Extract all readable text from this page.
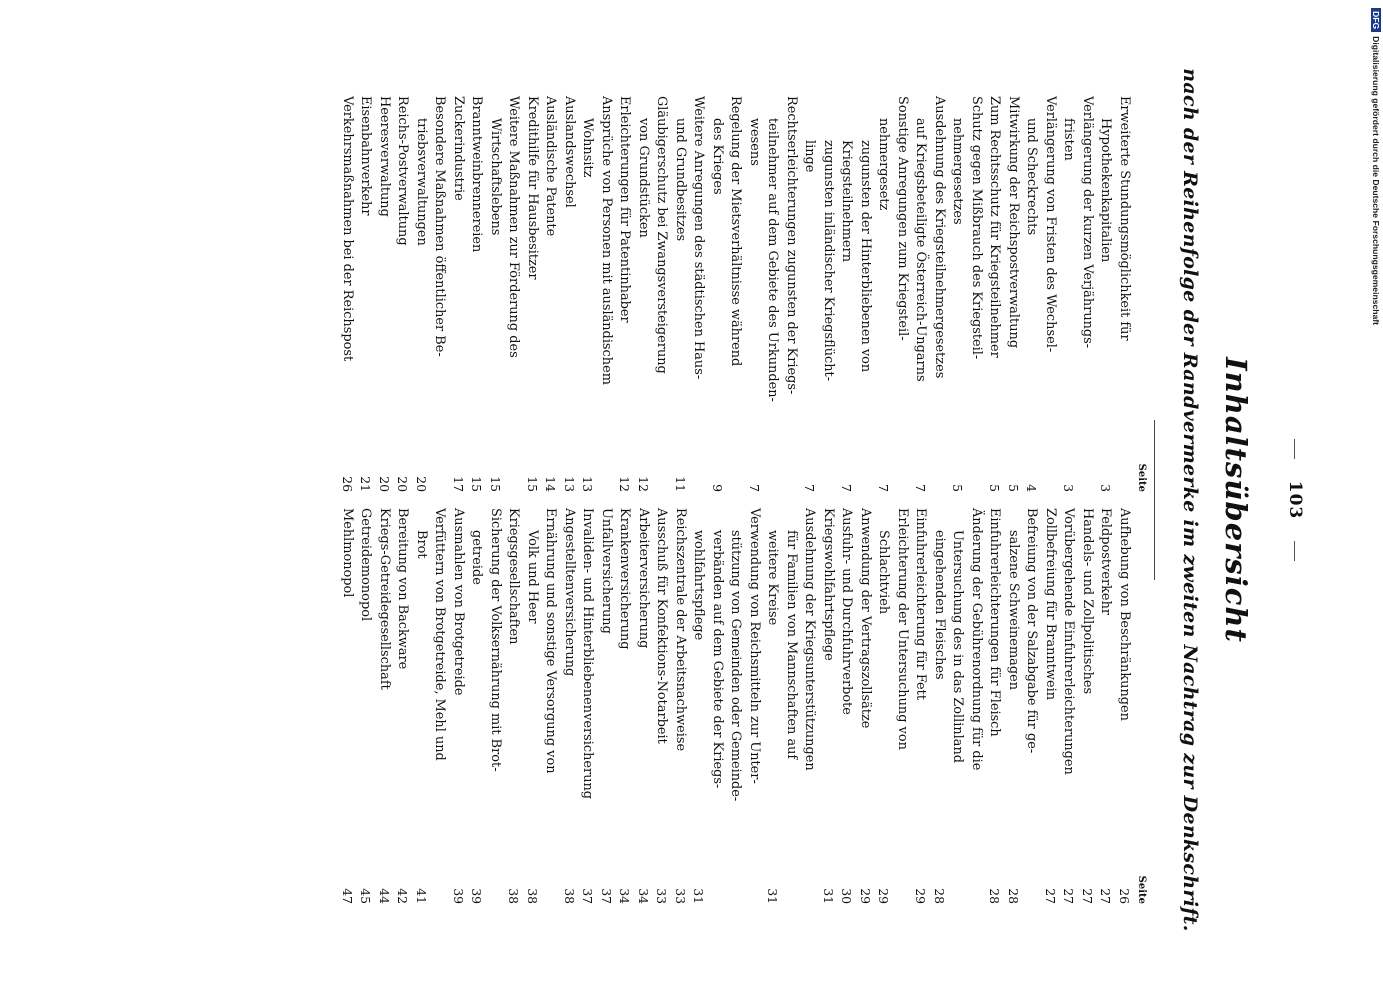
103
Inhaltsübersicht
nach der Reihenfolge der Randvermerke im zweiten Nachtrag zur Denkschrift.
Seite
Erweiterte Stundungsmöglichkeit für
Hypothekenkapitalien
3
Verlängerung der kurzen Verjährungs-
fristen
3
Verlängerung von Fristen des Wechsel-
und Scheckrechts
4
Mitwirkung der Reichspostverwaltung
5
Zum Rechtsschutz für Kriegsteilnehmer
5
Schutz gegen Mißbrauch des Kriegsteil-
nehmergesetzes
5
Ausdehnung des Kriegsteilnehmergesetzes
auf Kriegsbeteiligte Österreich-Ungarns
7
Sonstige Anregungen zum Kriegsteil-
nehmergesetz
7
zugunsten der Hinterbliebenen von
Kriegsteilnehmern
7
zugunsten inländischer Kriegsflücht-
linge
7
Rechtserleichterungen zugunsten der Kriegs-
teilnehmer auf dem Gebiete des Urkunden-
wesens
7
Regelung der Mietsverhältnisse während
des Krieges
9
Weitere Anregungen des städtischen Haus-
und Grundbesitzes
11
Gläubigerschutz bei Zwangsversteigerung
von Grundstücken
12
Erleichterungen für Patentinhaber
12
Ansprüche von Personen mit ausländischem
Wohnsitz
13
Auslandswechsel
13
Ausländische Patente
14
Kredithilfe für Hausbesitzer
15
Weitere Maßnahmen zur Förderung des
Wirtschaftslebens
15
Branntweinbrennereien
15
Zuckerindustrie
17
Besondere Maßnahmen öffentlicher Be-
triebsverwaltungen
20
Reichs-Postverwaltung
20
Heeresverwaltung
20
Eisenbahnverkehr
21
Verkehrsmaßnahmen bei der Reichspost
26
Seite
Aufhebung von Beschränkungen
26
Feldpostverkehr
27
Handels- und Zollpolitisches
27
Vorübergehende Einfuhrerleichterungen
27
Zollbefreiung für Branntwein
27
Befreiung von der Salzabgabe für ge-
salzene Schweinemagen
28
Einfuhrerleichterungen für Fleisch
28
Änderung der Gebührenordnung für die
Untersuchung des in das Zollinland
eingehenden Fleisches
28
Einfuhrerleichterung für Fett
29
Erleichterung der Untersuchung von
Schlachtvieh
29
Anwendung der Vertragszollsätze
29
Ausfuhr- und Durchfuhrverbote
30
Kriegswohlfahrtspflege
31
Ausdehnung der Kriegsunterstützungen
für Familien von Mannschaften auf
weitere Kreise
31
Verwendung von Reichsmitteln zur Unter-
stützung von Gemeinden oder Gemeinde-
verbänden auf dem Gebiete der Kriegs-
wohlfahrtspflege
31
Reichszentrale der Arbeitsnachweise
33
Ausschuß für Konfektions-Notarbeit
33
Arbeiterversicherung
34
Krankenversicherung
34
Unfallversicherung
37
Invaliden- und Hinterbliebenenversicherung
37
Angestelltenversicherung
38
Ernährung und sonstige Versorgung von
Volk und Heer
38
Kriegsgesellschaften
38
Sicherung der Volksernährung mit Brot-
getreide
39
Ausmahlen von Brotgetreide
39
Verfüttern von Brotgetreide, Mehl und
Brot
41
Bereitung von Backware
42
Kriegs-Getreidegesellschaft
44
Getreidemonopol
45
Mehlmonopol
47
DFGDigitalisierung gefördert durch die Deutsche Forschungsgemeinschaft
